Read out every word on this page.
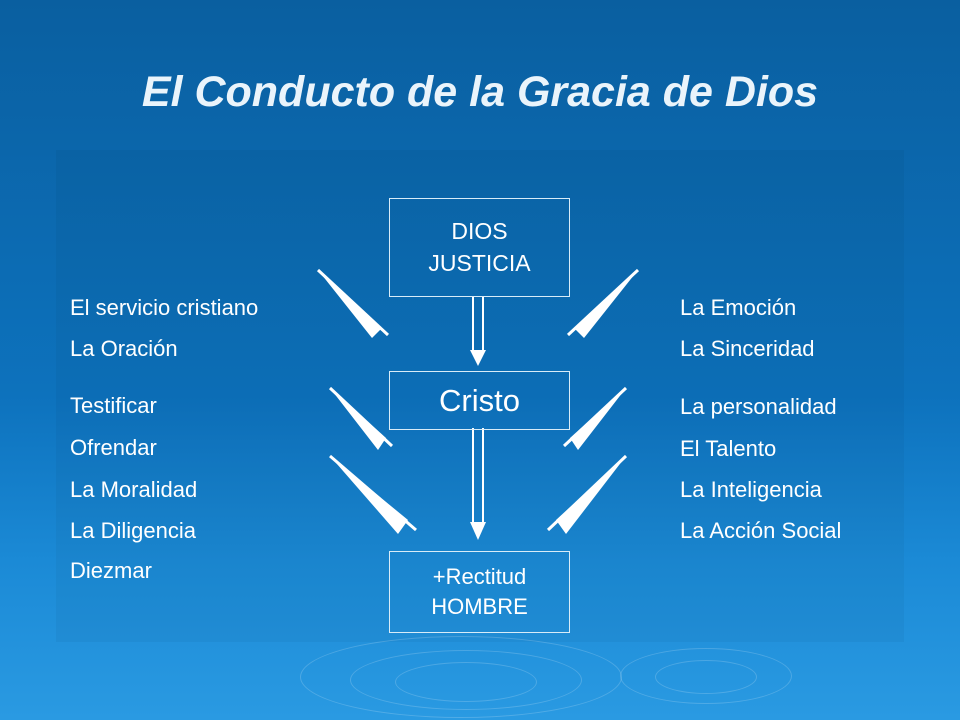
El Conducto de la Gracia de Dios
DIOS
JUSTICIA
Cristo
+Rectitud
HOMBRE
El servicio cristiano
La Oración
Testificar
Ofrendar
La Moralidad
La Diligencia
Diezmar
La Emoción
La Sinceridad
La personalidad
El Talento
La Inteligencia
La Acción Social
